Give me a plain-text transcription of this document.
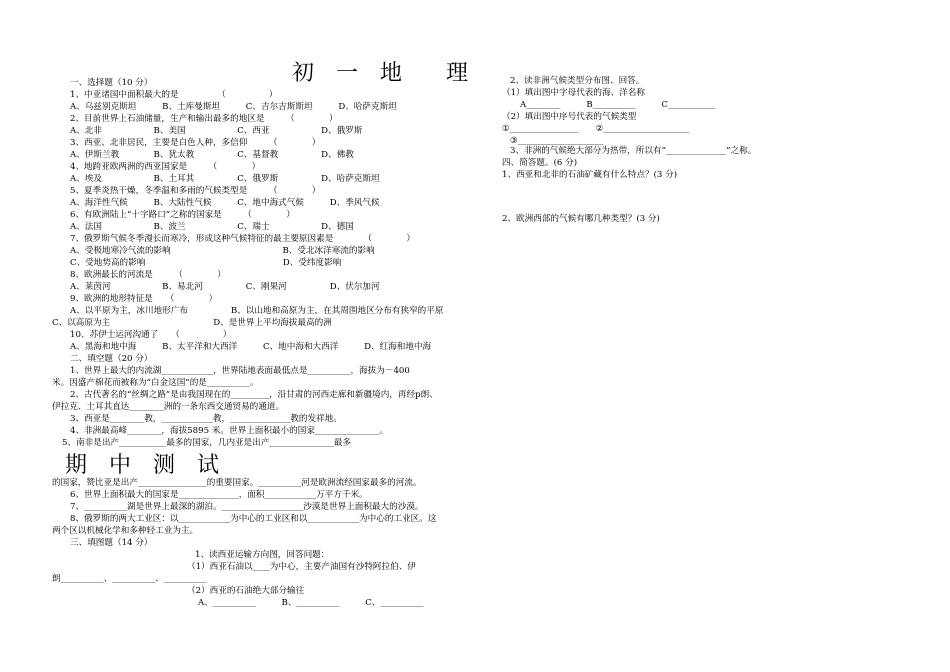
初　一　地　　理
一、选择题（10 分）
1、中亚诸国中面积最大的是　　　　　（　　　　　）
A、乌兹别克斯坦　　　B、土库曼斯坦　　　C、吉尔吉斯斯坦　　　D、哈萨克斯坦
2、目前世界上石油储量，生产和输出最多的地区是　　　（　　　　）
A、北非　　　　　　B、美国　　　　　　C、西亚　　　　　　D、俄罗斯
3、西亚、北非居民，主要是白色人种，多信仰　　　（　　　　）
A、伊斯兰教　　　　B、犹太教　　　　　C、基督教　　　　　D、佛教
4、地跨亚欧两洲的西亚国家是　　　（　　　　）
A、埃及　　　　　　B、土耳其　　　　　C、俄罗斯　　　　　D、哈萨克斯坦
5、夏季炎热干燥，冬季温和多雨的气候类型是　　　（　　　　）
A、海洋性气候　　　B、大陆性气候　　　C、地中海式气候　　　D、季风气候
6、有欧洲陆上“十字路口”之称的国家是　　　（　　　　）
A、法国　　　　　　B、波兰　　　　　　C、瑞士　　　　　　D、德国
7、俄罗斯气候冬季漫长而寒冷，形成这种气候特征的最主要原因素是　　　　（　　　　）
A、受极地寒冷气流的影响　　　　　　　　　　　　　B、受北冰洋寒流的影响
C、受地势高的影响　　　　　　　　　　　　　　　　D、受纬度影响
8、欧洲最长的河流是　　　（　　　　）
A、莱茵河　　　　　　B、易北河　　　　　C、刚果河　　　　　D、伏尔加河
9、欧洲的地形特征是　　（　　　　）
A、以平原为主，冰川地形广布　　　　　B、以山地和高原为主，在其周围地区分布有狭窄的平原
C、以高原为主　　　　　　　　　　　　D、是世界上平均海拔最高的洲
10、苏伊士运河沟通了　　（　　　　　）
A、黑海和地中海　　　B、太平洋和大西洋　　　C、地中海和大西洋　　　D、红海和地中海
二、填空题（20 分）
1、世界上最大的内流湖____________，世界陆地表面最低点是__________，海拔为－400
米。因盛产棉花而被称为“白金这国”的是__________。
2、古代著名的“丝绸之路”是由我国现在的_________，沿甘肃的河西走廊和新疆境内，再经p朗、
伊拉克、土耳其直达________洲的一条东西交通贸易的通道。
3、西亚是________教，____________教，______________教的发祥地。
4、非洲最高峰________，海拔5895 米。世界上面积最小的国家_______________。
5、南非是出产___________最多的国家，几内亚是出产_______________最多
期　中　测　试
的国家，赞比亚是出产________________的重要国家。__________河是欧洲流经国家最多的河流。
6、世界上面积最大的国家是______________，面积____________万平方千米。
7、__________湖是世界上最深的湖泊。___________________沙漠是世界上面积最大的沙漠。
8、俄罗斯的两大工业区：以____________为中心的工业区和以____________为中心的工业区。这
两个区以机械化学和多种轻工业为主。
三、填图题（14 分）
1、读西亚运输方向图，回答问题：
（1）西亚石油以____为中心，主要产油国有沙特阿拉伯、伊
朗__________、__________、__________
（2）西亚的石油绝大部分输往
A、__________　　　B、__________　　　C、__________
2、读非洲气候类型分布图、回答。
（1）填出图中字母代表的海、洋名称
A________　　　B__________　　　C___________
（2）填出图中序号代表的气候类型
①________________　　②____________________
③____________________
3、非洲的气候绝大部分为热带，所以有“______________”之称。
四、简答题。(6 分)
1、西亚和北非的石油矿藏有什么特点？(3 分)
2、欧洲西部的气候有哪几种类型？(3 分)
